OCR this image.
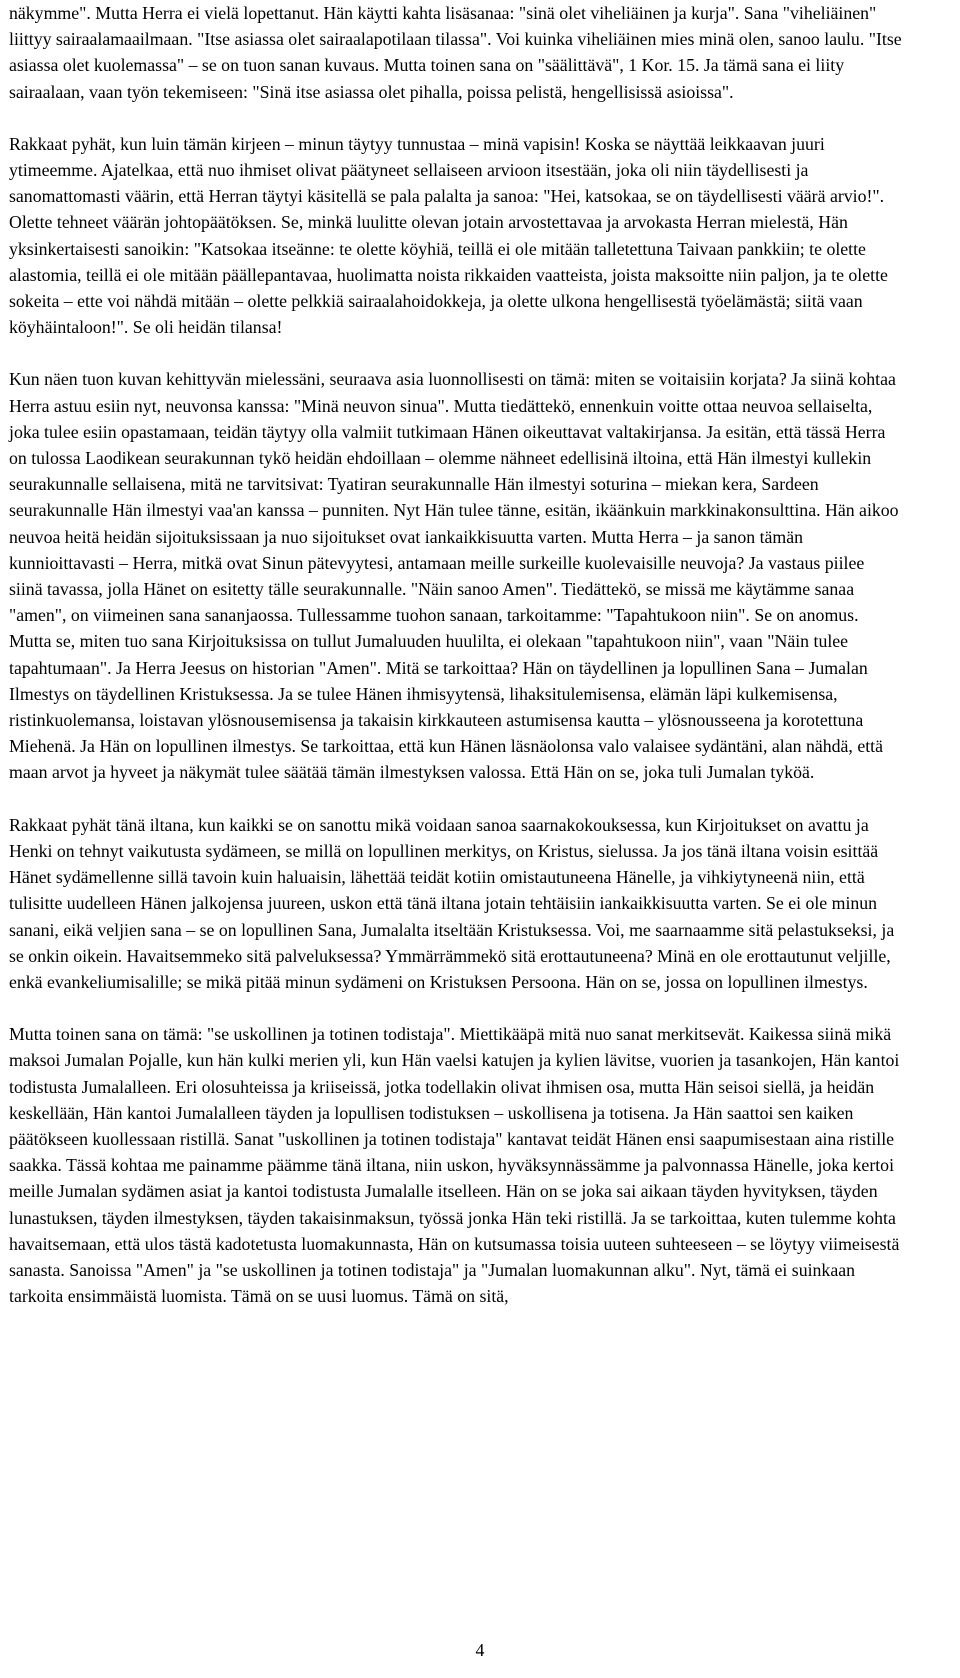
näkymme". Mutta Herra ei vielä lopettanut. Hän käytti kahta lisäsanaa: "sinä olet viheliäinen ja kurja". Sana "viheliäinen" liittyy sairaalamaailmaan. "Itse asiassa olet sairaalapotilaan tilassa". Voi kuinka viheliäinen mies minä olen, sanoo laulu. "Itse asiassa olet kuolemassa" – se on tuon sanan kuvaus. Mutta toinen sana on "säälittävä", 1 Kor. 15. Ja tämä sana ei liity sairaalaan, vaan työn tekemiseen: "Sinä itse asiassa olet pihalla, poissa pelistä, hengellisissä asioissa".

Rakkaat pyhät, kun luin tämän kirjeen – minun täytyy tunnustaa – minä vapisin! Koska se näyttää leikkaavan juuri ytimeemme. Ajatelkaa, että nuo ihmiset olivat päätyneet sellaiseen arvioon itsestään, joka oli niin täydellisesti ja sanomattomasti väärin, että Herran täytyi käsitellä se pala palalta ja sanoa: "Hei, katsokaa, se on täydellisesti väärä arvio!". Olette tehneet väärän johtopäätöksen. Se, minkä luulitte olevan jotain arvostettavaa ja arvokasta Herran mielestä, Hän yksinkertaisesti sanoikin: "Katsokaa itseänne: te olette köyhiä, teillä ei ole mitään talletettuna Taivaan pankkiin; te olette alastomia, teillä ei ole mitään päällepantavaa, huolimatta noista rikkaiden vaatteista, joista maksoitte niin paljon, ja te olette sokeita – ette voi nähdä mitään – olette pelkkiä sairaalahoidokkeja, ja olette ulkona hengellisestä työelämästä; siitä vaan köyhäintaloon!". Se oli heidän tilansa!

Kun näen tuon kuvan kehittyvän mielessäni, seuraava asia luonnollisesti on tämä: miten se voitaisiin korjata? Ja siinä kohtaa Herra astuu esiin nyt, neuvonsa kanssa: "Minä neuvon sinua". Mutta tiedättekö, ennenkuin voitte ottaa neuvoa sellaiselta, joka tulee esiin opastamaan, teidän täytyy olla valmiit tutkimaan Hänen oikeuttavat valtakirjansa. Ja esitän, että tässä Herra on tulossa Laodikean seurakunnan tykö heidän ehdoillaan – olemme nähneet edellisinä iltoina, että Hän ilmestyi kullekin seurakunnalle sellaisena, mitä ne tarvitsivat: Tyatiran seurakunnalle Hän ilmestyi soturina – miekan kera, Sardeen seurakunnalle Hän ilmestyi vaa'an kanssa – punniten. Nyt Hän tulee tänne, esitän, ikäänkuin markkinakonsulttina. Hän aikoo neuvoa heitä heidän sijoituksissaan ja nuo sijoitukset ovat iankaikkisuutta varten. Mutta Herra – ja sanon tämän kunnioittavasti – Herra, mitkä ovat Sinun pätevyytesi, antamaan meille surkeille kuolevaisille neuvoja? Ja vastaus piilee siinä tavassa, jolla Hänet on esitetty tälle seurakunnalle. "Näin sanoo Amen". Tiedättekö, se missä me käytämme sanaa "amen", on viimeinen sana sananjaossa. Tullessamme tuohon sanaan, tarkoitamme: "Tapahtukoon niin". Se on anomus. Mutta se, miten tuo sana Kirjoituksissa on tullut Jumaluuden huulilta, ei olekaan "tapahtukoon niin", vaan "Näin tulee tapahtumaan". Ja Herra Jeesus on historian "Amen". Mitä se tarkoittaa? Hän on täydellinen ja lopullinen Sana – Jumalan Ilmestys on täydellinen Kristuksessa. Ja se tulee Hänen ihmisyytensä, lihaksitulemisensa, elämän läpi kulkemisensa, ristinkuolemansa, loistavan ylösnousemisensa ja takaisin kirkkauteen astumisensa kautta – ylösnousseena ja korotettuna Miehenä. Ja Hän on lopullinen ilmestys. Se tarkoittaa, että kun Hänen läsnäolonsa valo valaisee sydäntäni, alan nähdä, että maan arvot ja hyveet ja näkymät tulee säätää tämän ilmestyksen valossa. Että Hän on se, joka tuli Jumalan tyköä.

Rakkaat pyhät tänä iltana, kun kaikki se on sanottu mikä voidaan sanoa saarnakokouksessa, kun Kirjoitukset on avattu ja Henki on tehnyt vaikutusta sydämeen, se millä on lopullinen merkitys, on Kristus, sielussa. Ja jos tänä iltana voisin esittää Hänet sydämellenne sillä tavoin kuin haluaisin, lähettää teidät kotiin omistautuneena Hänelle, ja vihkiytyneenä niin, että tulisitte uudelleen Hänen jalkojensa juureen, uskon että tänä iltana jotain tehtäisiin iankaikkisuutta varten. Se ei ole minun sanani, eikä veljien sana – se on lopullinen Sana, Jumalalta itseltään Kristuksessa. Voi, me saarnaamme sitä pelastukseksi, ja se onkin oikein. Havaitsemmeko sitä palveluksessa? Ymmärrämmekö sitä erottautuneena? Minä en ole erottautunut veljille, enkä evankeliumisalille; se mikä pitää minun sydämeni on Kristuksen Persoona. Hän on se, jossa on lopullinen ilmestys.

Mutta toinen sana on tämä: "se uskollinen ja totinen todistaja". Miettikääpä mitä nuo sanat merkitsevät. Kaikessa siinä mikä maksoi Jumalan Pojalle, kun hän kulki merien yli, kun Hän vaelsi katujen ja kylien lävitse, vuorien ja tasankojen, Hän kantoi todistusta Jumalalleen. Eri olosuhteissa ja kriiseissä, jotka todellakin olivat ihmisen osa, mutta Hän seisoi siellä, ja heidän keskellään, Hän kantoi Jumalalleen täyden ja lopullisen todistuksen – uskollisena ja totisena. Ja Hän saattoi sen kaiken päätökseen kuollessaan ristillä. Sanat "uskollinen ja totinen todistaja" kantavat teidät Hänen ensi saapumisestaan aina ristille saakka. Tässä kohtaa me painamme päämme tänä iltana, niin uskon, hyväksynnässämme ja palvonnassa Hänelle, joka kertoi meille Jumalan sydämen asiat ja kantoi todistusta Jumalalle itselleen. Hän on se joka sai aikaan täyden hyvityksen, täyden lunastuksen, täyden ilmestyksen, täyden takaisinmaksun, työssä jonka Hän teki ristillä. Ja se tarkoittaa, kuten tulemme kohta havaitsemaan, että ulos tästä kadotetusta luomakunnasta, Hän on kutsumassa toisia uuteen suhteeseen – se löytyy viimeisestä sanasta. Sanoissa "Amen" ja "se uskollinen ja totinen todistaja" ja "Jumalan luomakunnan alku". Nyt, tämä ei suinkaan tarkoita ensimmäistä luomista. Tämä on se uusi luomus. Tämä on sitä,

4
